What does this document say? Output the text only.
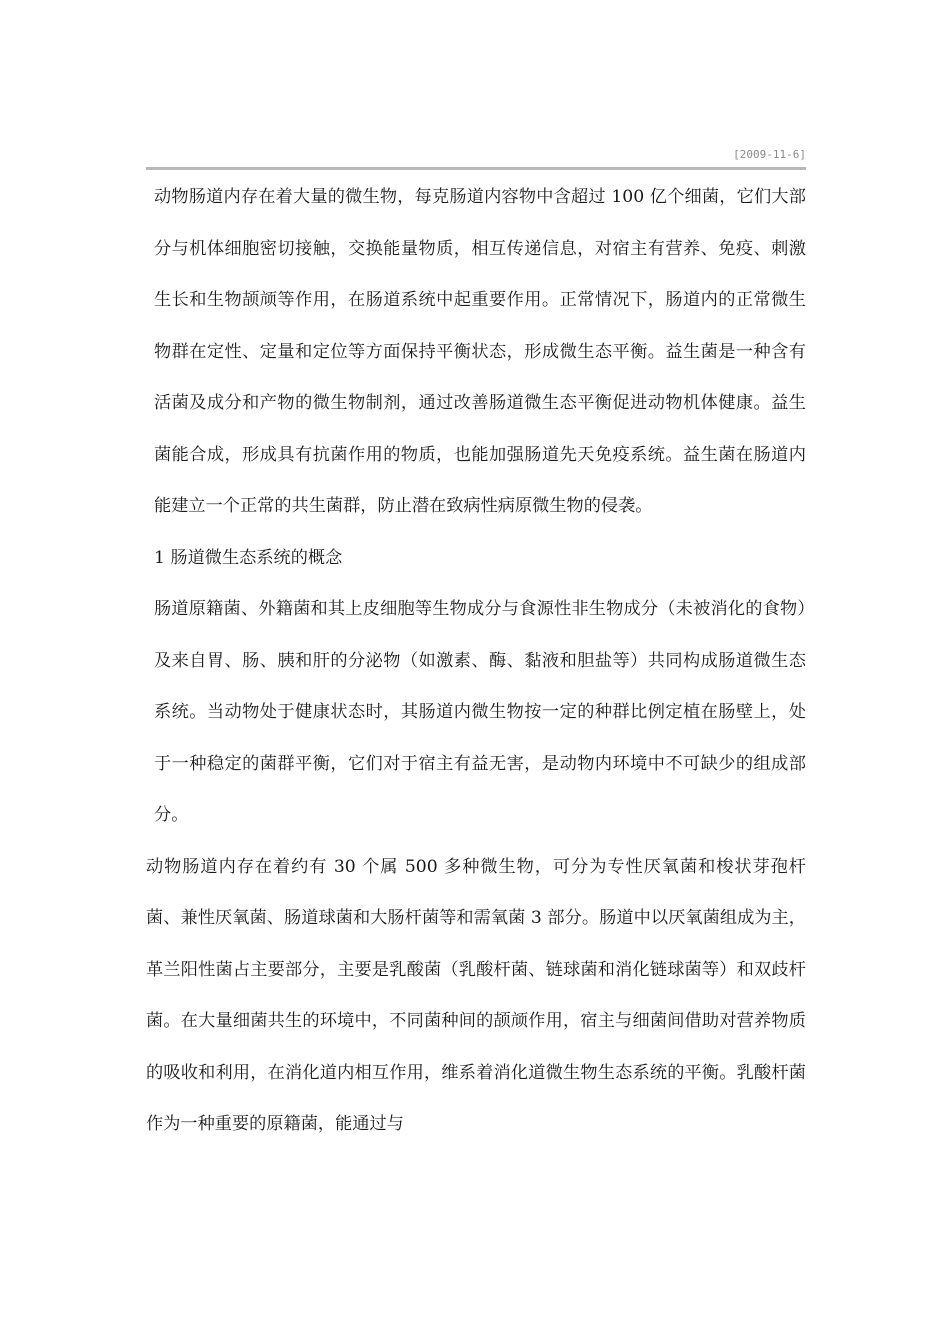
[2009-11-6]

动物肠道内存在着大量的微生物，每克肠道内容物中含超过 100 亿个细菌，它们大部分与机体细胞密切接触，交换能量物质，相互传递信息，对宿主有营养、免疫、刺激生长和生物颉颃等作用，在肠道系统中起重要作用。正常情况下，肠道内的正常微生物群在定性、定量和定位等方面保持平衡状态，形成微生态平衡。益生菌是一种含有活菌及成分和产物的微生物制剂，通过改善肠道微生态平衡促进动物机体健康。益生菌能合成，形成具有抗菌作用的物质，也能加强肠道先天免疫系统。益生菌在肠道内能建立一个正常的共生菌群，防止潜在致病性病原微生物的侵袭。

1 肠道微生态系统的概念

肠道原籍菌、外籍菌和其上皮细胞等生物成分与食源性非生物成分（未被消化的食物）及来自胃、肠、胰和肝的分泌物（如激素、酶、黏液和胆盐等）共同构成肠道微生态系统。当动物处于健康状态时，其肠道内微生物按一定的种群比例定植在肠壁上，处于一种稳定的菌群平衡，它们对于宿主有益无害，是动物内环境中不可缺少的组成部分。

动物肠道内存在着约有 30 个属 500 多种微生物，可分为专性厌氧菌和梭状芽孢杆菌、兼性厌氧菌、肠道球菌和大肠杆菌等和需氧菌 3 部分。肠道中以厌氧菌组成为主，革兰阳性菌占主要部分，主要是乳酸菌（乳酸杆菌、链球菌和消化链球菌等）和双歧杆菌。在大量细菌共生的环境中，不同菌种间的颉颃作用，宿主与细菌间借助对营养物质的吸收和利用，在消化道内相互作用，维系着消化道微生物生态系统的平衡。乳酸杆菌作为一种重要的原籍菌，能通过与
